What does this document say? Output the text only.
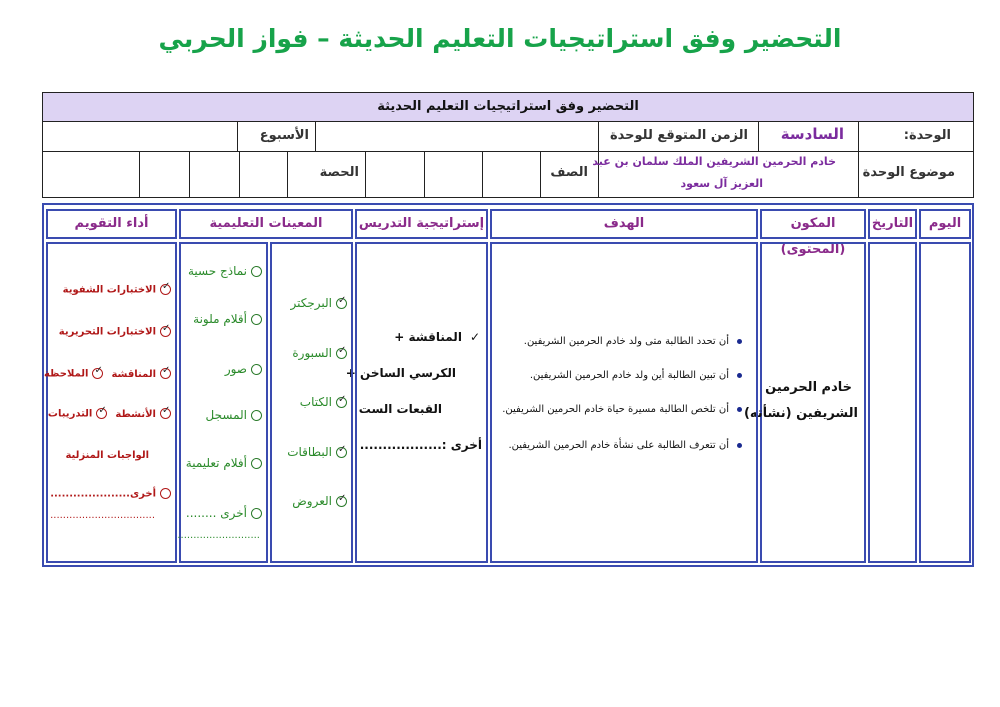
التحضير وفق استراتيجيات التعليم الحديثة – فواز الحربي
التحضير وفق استراتيجيات التعليم الحديثة
الوحدة:
السادسة
الزمن المتوقع للوحدة
الأسبوع
موضوع الوحدة
خادم الحرمين الشريفين الملك سلمان بن عبد
العزيز آل سعود
الصف
الحصة
اليوم
التاريخ
المكون (المحتوى)
الهدف
إستراتيجية التدريس
المعينات التعليمية
أداء التقويم
خادم الحرمين
الشريفين (نشأته)
أن تحدد الطالبة متى ولد خادم الحرمين الشريفين.
أن تبين الطالبة أين ولد خادم الحرمين الشريفين.
أن تلخص الطالبة مسيرة حياة خادم الحرمين الشريفين.
أن تتعرف الطالبة على نشأة خادم الحرمين الشريفين.
✓المناقشة +
الكرسي الساخن +
القبعات الست
أخرى :..................
✓البرجكتر
✓السبورة
✓الكتاب
✓البطاقات
✓العروض
نماذج حسية
أقلام ملونة
صور
المسجل
أفلام تعليمية
أخرى ........
..........................
✓الاختبارات الشفوية
✓الاختبارات التحريرية
✓المناقشة✓الملاحظة
✓الأنشطة✓التدريبات
الواجبات المنزلية
أخرى.....................
.................................
